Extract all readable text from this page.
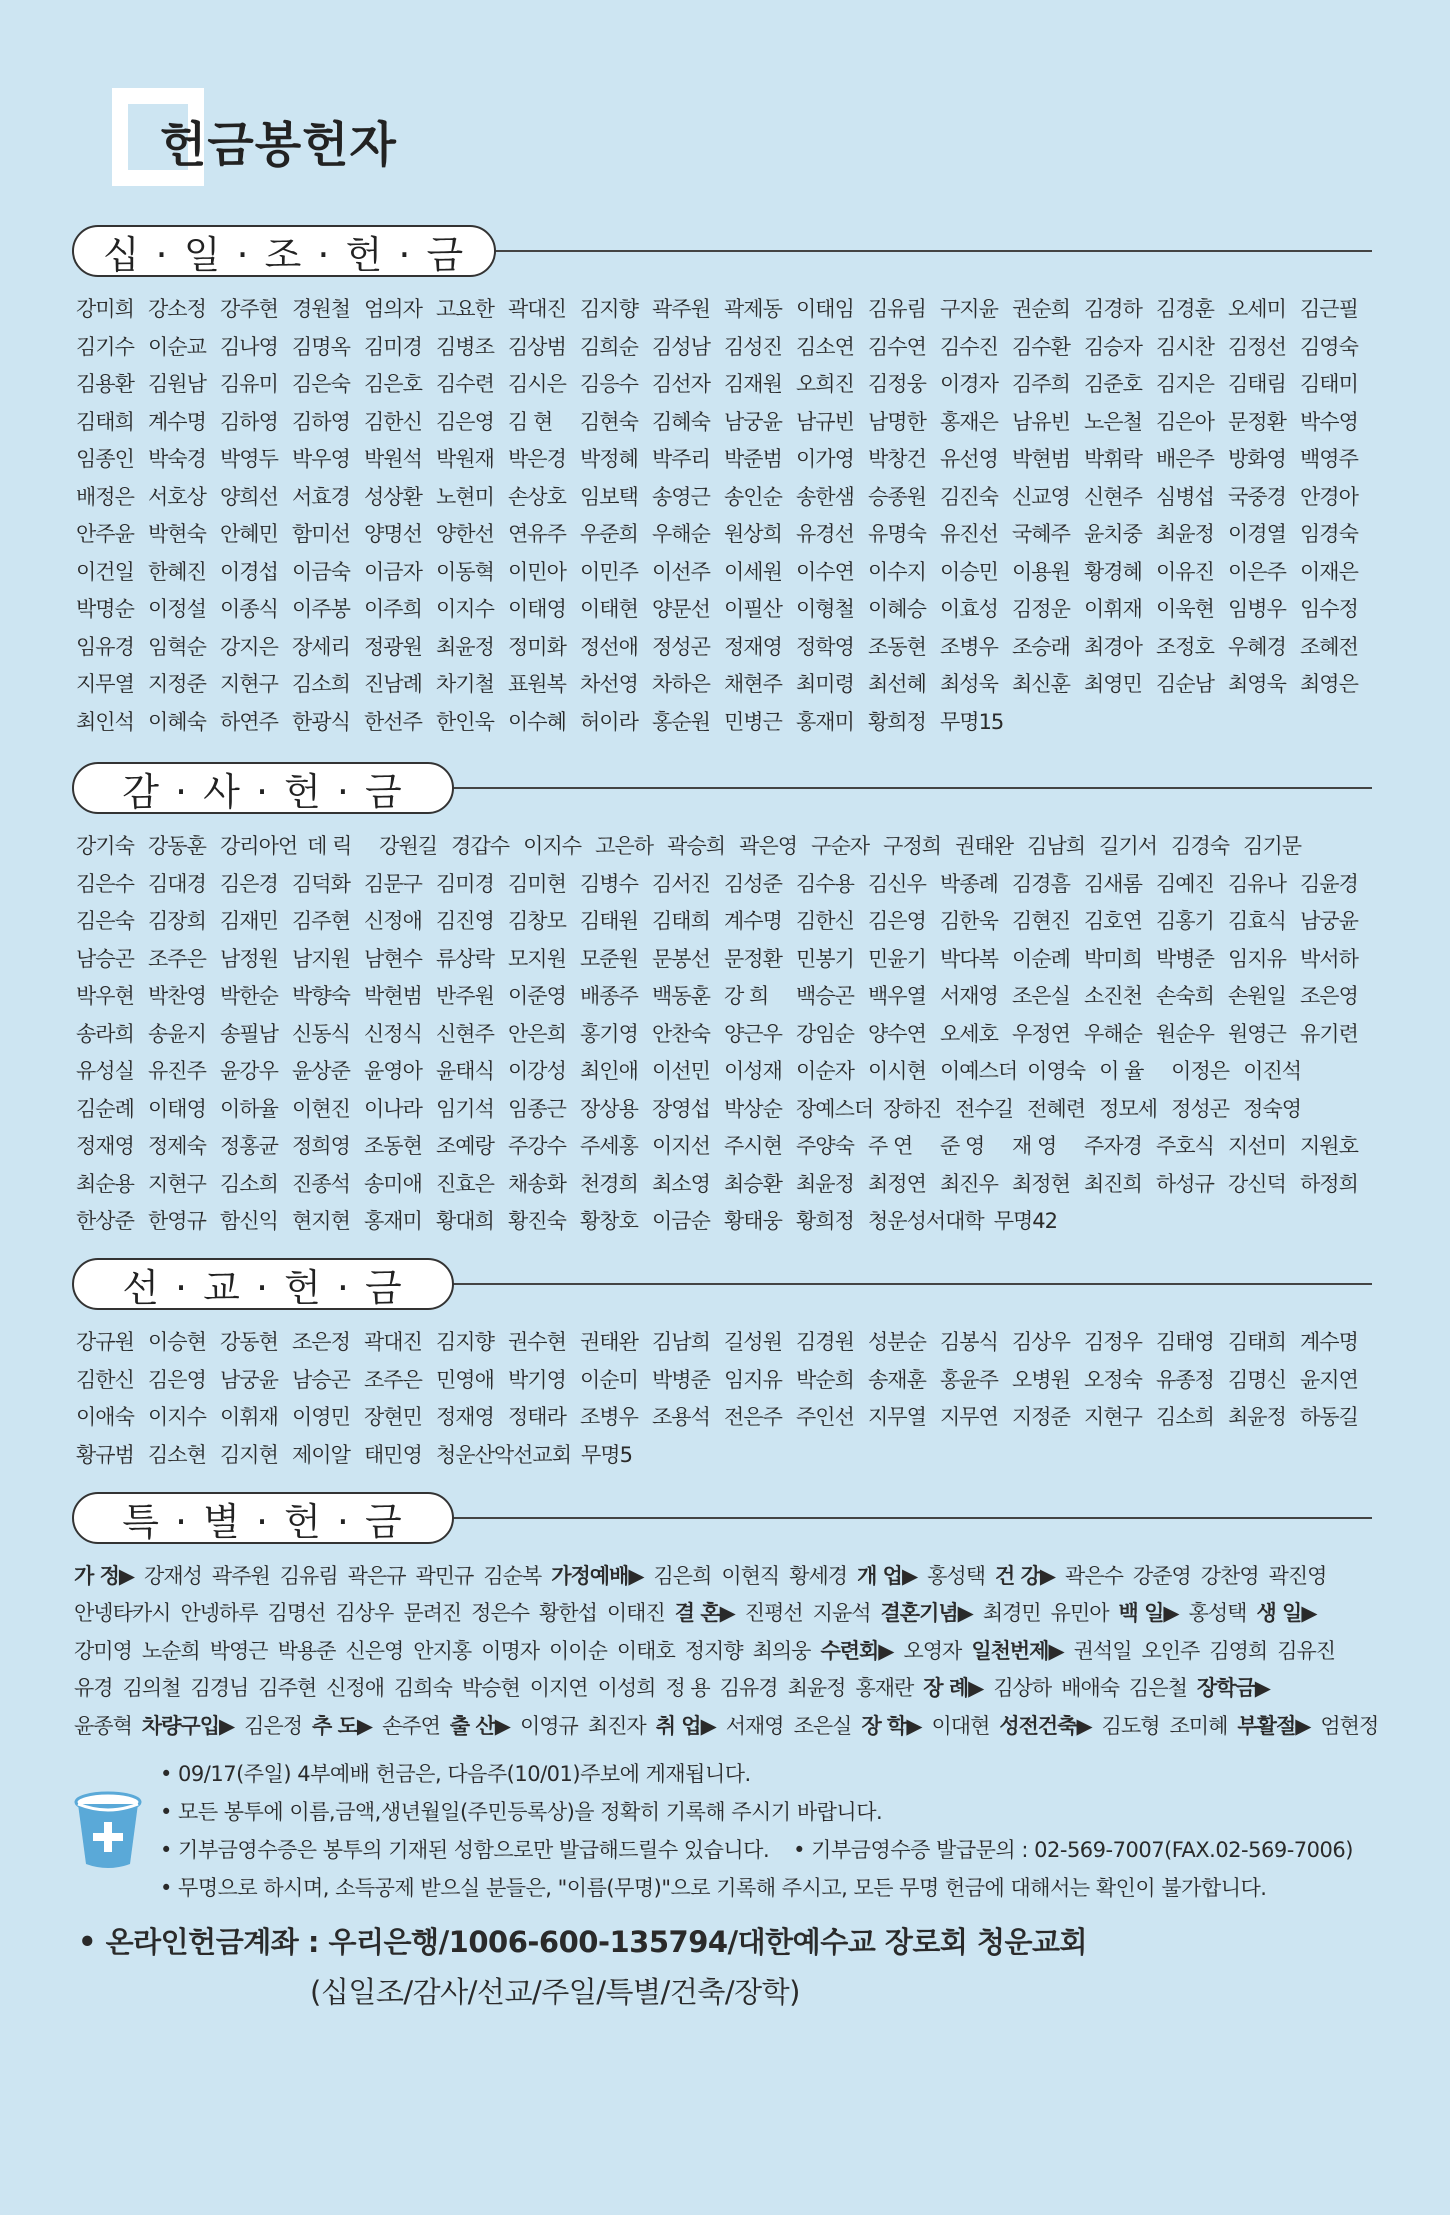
헌금봉헌자
십 · 일 · 조 · 헌 · 금
강미희 강소정 강주현 경원철 엄의자 고요한 곽대진 김지향 곽주원 곽제동 이태임 김유림 구지윤 권순희 김경하 김경훈 오세미 김근필
김기수 이순교 김나영 김명옥 김미경 김병조 김상범 김희순 김성남 김성진 김소연 김수연 김수진 김수환 김승자 김시찬 김정선 김영숙
김용환 김원남 김유미 김은숙 김은호 김수련 김시은 김응수 김선자 김재원 오희진 김정웅 이경자 김주희 김준호 김지은 김태림 김태미
김태희 계수명 김하영 김하영 김한신 김은영 김 현	김현숙 김혜숙 남궁윤 남규빈 남명한 홍재은 남유빈 노은철 김은아 문정환 박수영
임종인 박숙경 박영두 박우영 박원석 박원재 박은경 박정혜 박주리 박준범 이가영 박창건 유선영 박현범 박휘락 배은주 방화영 백영주
배정은 서호상 양희선 서효경 성상환 노현미 손상호 임보택 송영근 송인순 송한샘 승종원 김진숙 신교영 신현주 심병섭 국중경 안경아
안주윤 박현숙 안혜민 함미선 양명선 양한선 연유주 우준희 우해순 원상희 유경선 유명숙 유진선 국혜주 윤치중 최윤정 이경열 임경숙
이건일 한혜진 이경섭 이금숙 이금자 이동혁 이민아 이민주 이선주 이세원 이수연 이수지 이승민 이용원 황경혜 이유진 이은주 이재은
박명순 이정설 이종식 이주봉 이주희 이지수 이태영 이태현 양문선 이필산 이형철 이혜승 이효성 김정운 이휘재 이욱현 임병우 임수정
임유경 임혁순 강지은 장세리 정광원 최윤정 정미화 정선애 정성곤 정재영 정학영 조동현 조병우 조승래 최경아 조정호 우혜경 조혜전
지무열 지정준 지현구 김소희 진남례 차기철 표원복 차선영 차하은 채현주 최미령 최선혜 최성욱 최신훈 최영민 김순남 최영욱 최영은
최인석 이혜숙 하연주 한광식 한선주 한인욱 이수혜 허이라 홍순원 민병근 홍재미 황희정 무명15
감 · 사 · 헌 · 금
강기숙 강동훈 강리아언 데 릭	강원길 경갑수 이지수 고은하 곽승희 곽은영 구순자 구정희 권태완 김남희 길기서 김경숙 김기문
김은수 김대경 김은경 김덕화 김문구 김미경 김미현 김병수 김서진 김성준 김수용 김신우 박종례 김경흠 김새롬 김예진 김유나 김윤경
김은숙 김장희 김재민 김주현 신정애 김진영 김창모 김태원 김태희 계수명 김한신 김은영 김한욱 김현진 김호연 김홍기 김효식 남궁윤
남승곤 조주은 남정원 남지원 남현수 류상락 모지원 모준원 문봉선 문정환 민봉기 민윤기 박다복 이순례 박미희 박병준 임지유 박서하
박우현 박찬영 박한순 박향숙 박현범 반주원 이준영 배종주 백동훈 강 희	백승곤 백우열 서재영 조은실 소진천 손숙희 손원일 조은영
송라희 송윤지 송필남 신동식 신정식 신현주 안은희 홍기영 안찬숙 양근우 강임순 양수연 오세호 우정연 우해순 원순우 원영근 유기련
유성실 유진주 윤강우 윤상준 윤영아 윤태식 이강성 최인애 이선민 이성재 이순자 이시현 이예스더 이영숙 이 율	이정은 이진석
김순례 이태영 이하율 이현진 이나라 임기석 임종근 장상용 장영섭 박상순 장예스더 장하진 전수길 전혜련 정모세 정성곤 정숙영
정재영 정제숙 정홍균 정희영 조동현 조예랑 주강수 주세홍 이지선 주시현 주양숙 주 연	준 영	재 영	주자경 주호식 지선미 지원호
최순용 지현구 김소희 진종석 송미애 진효은 채송화 천경희 최소영 최승환 최윤정 최정연 최진우 최정현 최진희 하성규 강신덕 하정희
한상준 한영규 함신익 현지현 홍재미 황대희 황진숙 황창호 이금순 황태웅 황희정 청운성서대학 무명42
선 · 교 · 헌 · 금
강규원 이승현 강동현 조은정 곽대진 김지향 권수현 권태완 김남희 길성원 김경원 성분순 김봉식 김상우 김정우 김태영 김태희 계수명
김한신 김은영 남궁윤 남승곤 조주은 민영애 박기영 이순미 박병준 임지유 박순희 송재훈 홍윤주 오병원 오정숙 유종정 김명신 윤지연
이애숙 이지수 이휘재 이영민 장현민 정재영 정태라 조병우 조용석 전은주 주인선 지무열 지무연 지정준 지현구 김소희 최윤정 하동길
황규범 김소현 김지현 제이알 태민영 청운산악선교회 무명5
특 · 별 · 헌 · 금
가 정▶ 강재성 곽주원 김유림 곽은규 곽민규 김순복 가정예배▶ 김은희 이현직 황세경 개 업▶ 홍성택 건 강▶ 곽은수 강준영 강찬영 곽진영
안넹타카시 안넹하루 김명선 김상우 문려진 정은수 황한섭 이태진 결 혼▶ 진평선 지윤석 결혼기념▶ 최경민 유민아 백 일▶ 홍성택 생 일▶
강미영 노순희 박영근 박용준 신은영 안지홍 이명자 이이순 이태호 정지향 최의웅 수련회▶ 오영자 일천번제▶ 권석일 오인주 김영희 김유진
유경 김의철 김경님 김주현 신정애 김희숙 박승현 이지연 이성희 정 용 김유경 최윤정 홍재란 장 례▶ 김상하 배애숙 김은철 장학금▶
윤종혁 차량구입▶ 김은정 추 도▶ 손주연 출 산▶ 이영규 최진자 취 업▶ 서재영 조은실 장 학▶ 이대현 성전건축▶ 김도형 조미혜 부활절▶ 엄현정
• 09/17(주일) 4부예배 헌금은, 다음주(10/01)주보에 게재됩니다.
• 모든 봉투에 이름,금액,생년월일(주민등록상)을 정확히 기록해 주시기 바랍니다.
• 기부금영수증은 봉투의 기재된 성함으로만 발급해드릴수 있습니다. • 기부금영수증 발급문의 : 02-569-7007(FAX.02-569-7006)
• 무명으로 하시며, 소득공제 받으실 분들은, "이름(무명)"으로 기록해 주시고, 모든 무명 헌금에 대해서는 확인이 불가합니다.
• 온라인헌금계좌 : 우리은행/1006-600-135794/대한예수교 장로회 청운교회
(십일조/감사/선교/주일/특별/건축/장학)
